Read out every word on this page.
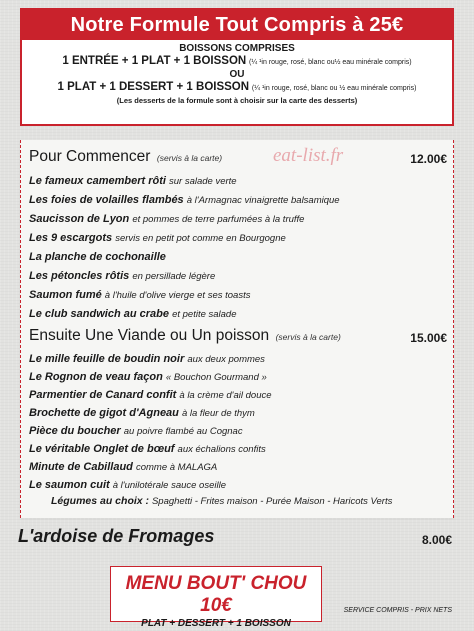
Notre Formule Tout Compris à 25€
BOISSONS COMPRISES
1 ENTRÉE + 1 PLAT + 1 BOISSON (¼ ¹in rouge, rosé, blanc ou½ eau minérale compris)
OU
1 PLAT + 1 DESSERT + 1 BOISSON (¼ ¹in rouge, rosé, blanc ou ½ eau minérale compris)
(Les desserts de la formule sont à choisir sur la carte des desserts)
eat-list.fr
Pour Commencer (servis à la carte)	12.00€
Le fameux camembert rôti sur salade verte
Les foies de volailles flambés à l'Armagnac vinaigrette balsamique
Saucisson de Lyon et pommes de terre parfumées à la truffe
Les 9 escargots servis en petit pot comme en Bourgogne
La planche de cochonaille
Les pétoncles rôtis en persillade légère
Saumon fumé à l'huile d'olive vierge et ses toasts
Le club sandwich au crabe et petite salade
Ensuite Une Viande ou Un poisson (servis à la carte)	15.00€
Le mille feuille de boudin noir aux deux pommes
Le Rognon de veau façon « Bouchon Gourmand »
Parmentier de Canard confit à la crème d'ail douce
Brochette de gigot d'Agneau à la fleur de thym
Pièce du boucher au poivre flambé au Cognac
Le véritable Onglet de bœuf aux échalions confits
Minute de Cabillaud comme à MALAGA
Le saumon cuit à l'unilotérale sauce oseille
Légumes au choix : Spaghetti - Frites maison - Purée Maison - Haricots Verts
L'ardoise de Fromages	8.00€
MENU BOUT' CHOU 10€
PLAT + DESSERT + 1 BOISSON
SERVICE COMPRIS - PRIX NETS
